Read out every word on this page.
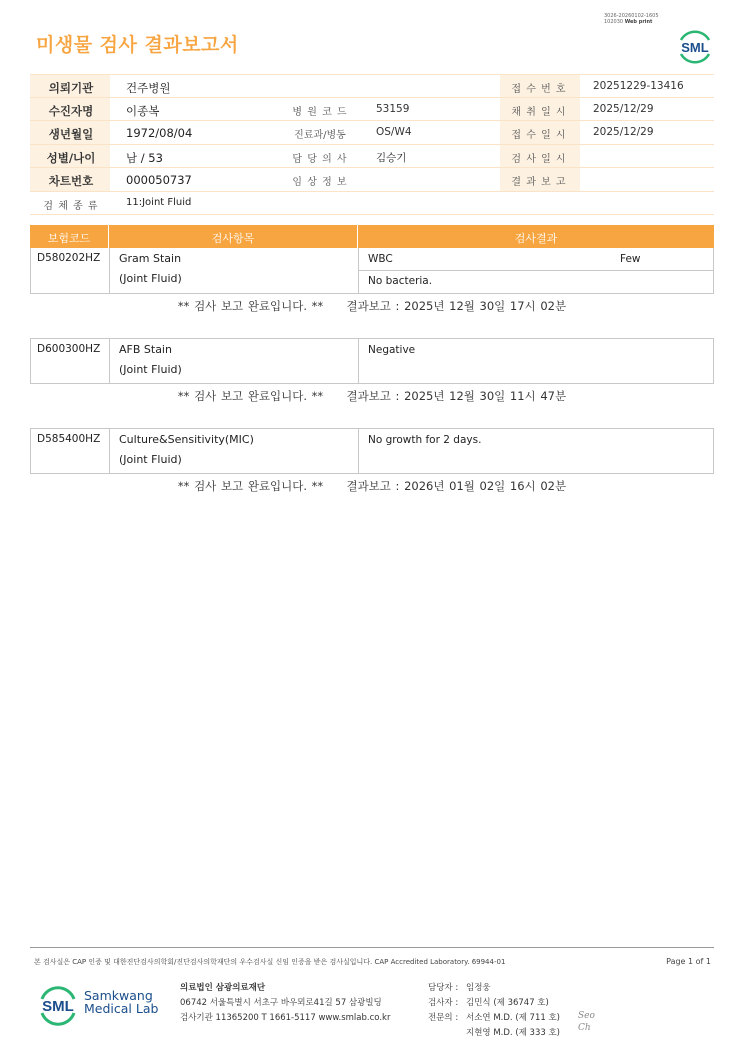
3026-20260102-1605
102030 Web print
미생물 검사 결과보고서	SML
의뢰기관	건주병원	접 수 번 호	20251229-13416
수진자명	이종복	병 원 코 드	53159	채 취 일 시	2025/12/29
생년월일	1972/08/04	진료과/병동	OS/W4	접 수 일 시	2025/12/29
성별/나이	남 / 53	담 당 의 사	김승기	검 사 일 시
차트번호	000050737	임 상 정 보	결 과 보 고
검 체 종 류	11:Joint Fluid
보험코드	검사항목	검사결과
D580202HZ Gram Stain
(Joint Fluid)
WBC	Few
No bacteria.
** 검사 보고 완료입니다. ** 결과보고 : 2025년 12월 30일 17시 02분
D600300HZ AFB Stain
(Joint Fluid)
Negative
** 검사 보고 완료입니다. ** 결과보고 : 2025년 12월 30일 11시 47분
D585400HZ Culture&Sensitivity(MIC)
(Joint Fluid)
No growth for 2 days.
** 검사 보고 완료입니다. ** 결과보고 : 2026년 01월 02일 16시 02분
본 검사실은 CAP 인증 및 대한진단검사의학회/진단검사의학재단의 우수검사실 신임 인증을 받은 검사실입니다. CAP Accredited Laboratory. 69944-01	Page 1 of 1
SML
Samkwang
Medical Lab
의료법인 삼광의료재단
06742 서울특별시 서초구 바우뫼로41길 57 삼광빌딩
검사기관 11365200 T 1661-5117 www.smlab.co.kr
담당자 : 임정웅
검사자 : 김민식 (제 36747 호)
전문의 : 서소연 M.D. (제 711 호)
지현영 M.D. (제 333 호)
Seo
Ch
